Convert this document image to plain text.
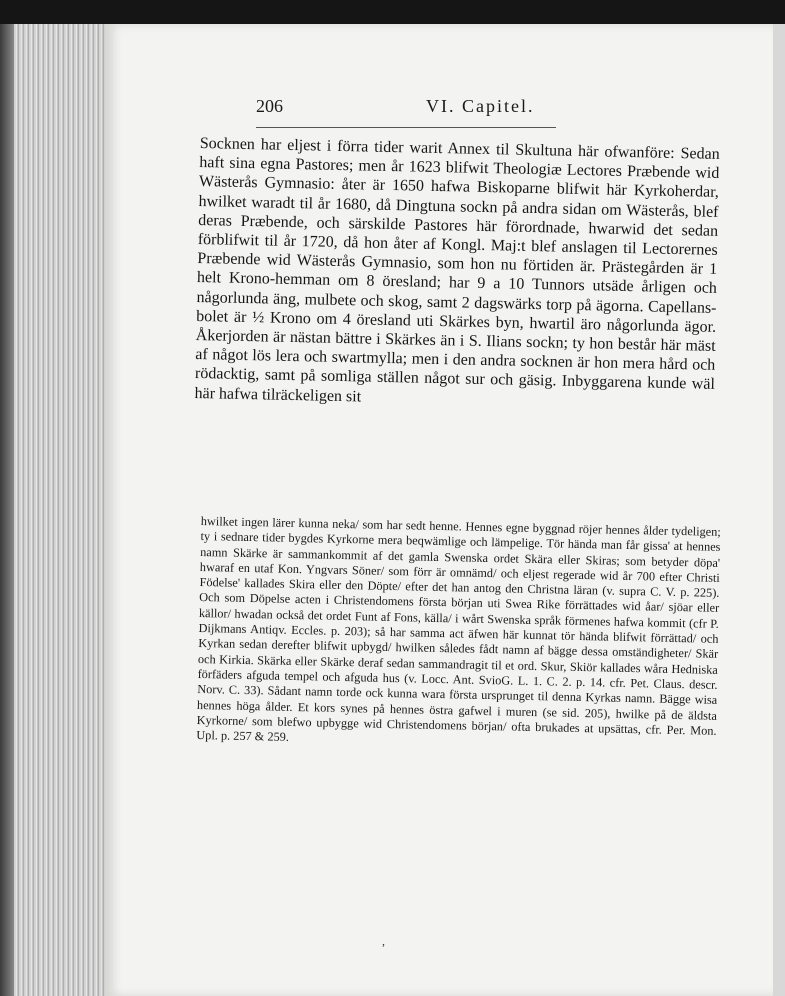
206	VI. Capitel.

Socknen har eljest i förra tider warit Annex til Skultuna här ofwanföre: Sedan haft sina egna Pastores; men år 1623 blifwit Theologiæ Lectores Præbende wid Wästerås Gymnasio: åter är 1650 hafwa Biskoparne blifwit här Kyrkoherdar, hwilket waradt til år 1680, då Dingtuna sockn på andra sidan om Wästerås, blef deras Præbende, och särskilde Pastores här förordnade, hwarwid det sedan förblifwit til år 1720, då hon åter af Kongl. Maj:t blef anslagen til Lectorernes Præbende wid Wästerås Gymnasio, som hon nu förtiden är. Prästegården är 1 helt Krono-hemman om 8 öresland; har 9 a 10 Tunnors utsäde årligen och någorlunda äng, mulbete och skog, samt 2 dagswärks torp på ägorna. Capellans-bolet är ½ Krono om 4 öresland uti Skärkes byn, hwartil äro någorlunda ägor. Åkerjorden är nästan bättre i Skärkes än i S. Ilians sockn; ty hon består här mäst af något lös lera och swartmylla; men i den andra socknen är hon mera hård och rödacktig, samt på somliga ställen något sur och gäsig. Inbyggarena kunde wäl här hafwa tilräckeligen sit

hwilket ingen lärer kunna neka/ som har sedt henne. Hennes egne byggnad röjer hennes ålder tydeligen; ty i sednare tider bygdes Kyrkorne mera beqwämlige och lämpelige. Tör hända man får gissa' at hennes namn Skärke är sammankommit af det gamla Swenska ordet Skära eller Skiras; som betyder döpa' hwaraf en utaf Kon. Yngvars Söner/ som förr är omnämd/ och eljest regerade wid år 700 efter Christi Födelse' kallades Skira eller den Döpte/ efter det han antog den Christna läran (v. supra C. V. p. 225). Och som Döpelse acten i Christendomens första början uti Swea Rike förrättades wid åar/ sjöar eller källor/ hwadan också det ordet Funt af Fons, källa/ i wårt Swenska språk förmenes hafwa kommit (cfr P. Dijkmans Antiqv. Eccles. p. 203); så har samma act äfwen här kunnat tör hända blifwit förrättad/ och Kyrkan sedan derefter blifwit upbygd/ hwilken således fådt namn af bägge dessa omständigheter/ Skär och Kirkia. Skärka eller Skärke deraf sedan sammandragit til et ord. Skur, Skiör kallades wåra Hedniska förfäders afguda tempel och afguda hus (v. Locc. Ant. SvioG. L. 1. C. 2. p. 14. cfr. Pet. Claus. descr. Norv. C. 33). Sådant namn torde ock kunna wara första ursprunget til denna Kyrkas namn. Bägge wisa hennes höga ålder. Et kors synes på hennes östra gafwel i muren (se sid. 205), hwilke på de äldsta Kyrkorne/ som blefwo upbygge wid Christendomens början/ ofta brukades at upsättas, cfr. Per. Mon. Upl. p. 257 & 259.

,
